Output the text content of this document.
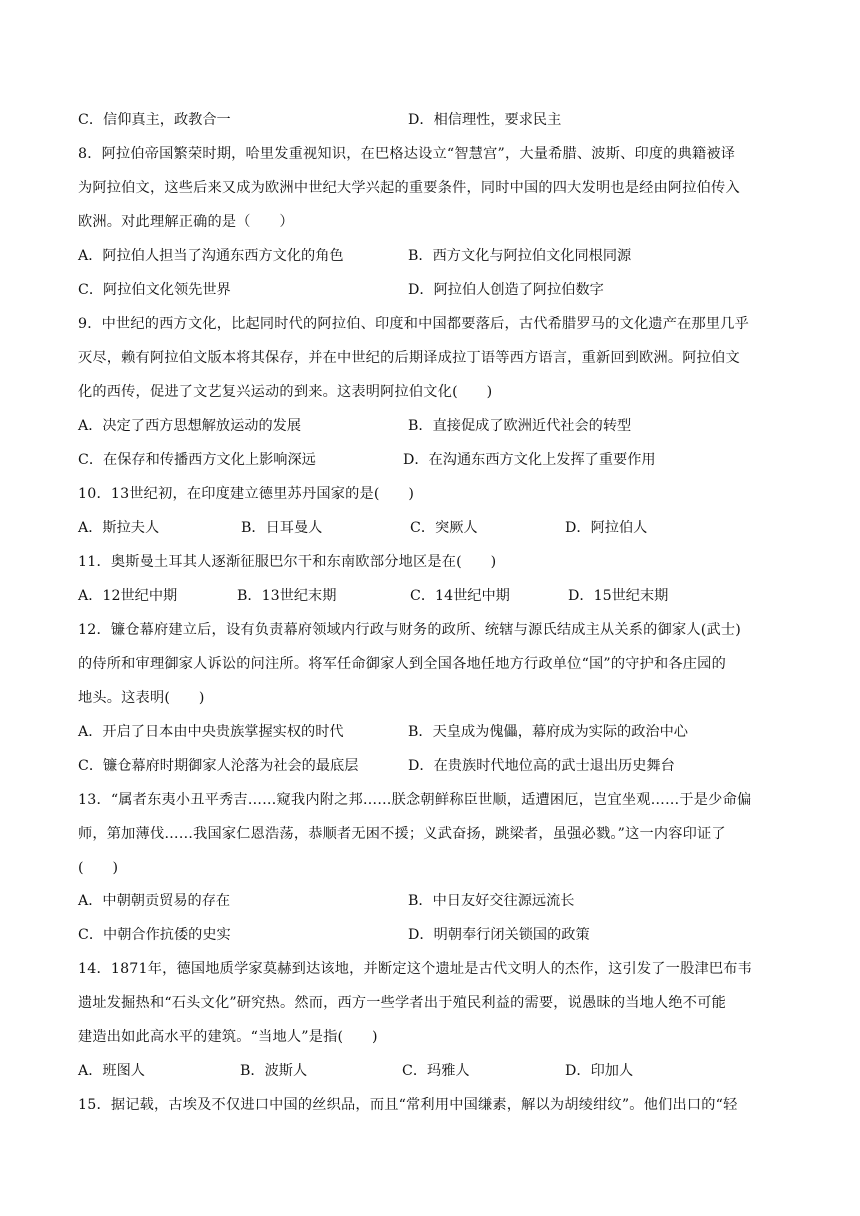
C．信仰真主，政教合一	D．相信理性，要求民主
8．阿拉伯帝国繁荣时期，哈里发重视知识，在巴格达设立“智慧宫”，大量希腊、波斯、印度的典籍被译
为阿拉伯文，这些后来又成为欧洲中世纪大学兴起的重要条件，同时中国的四大发明也是经由阿拉伯传入
欧洲。对此理解正确的是（　　）
A．阿拉伯人担当了沟通东西方文化的角色	B．西方文化与阿拉伯文化同根同源
C．阿拉伯文化领先世界	D．阿拉伯人创造了阿拉伯数字
9．中世纪的西方文化，比起同时代的阿拉伯、印度和中国都要落后，古代希腊罗马的文化遗产在那里几乎
灭尽，赖有阿拉伯文版本将其保存，并在中世纪的后期译成拉丁语等西方语言，重新回到欧洲。阿拉伯文
化的西传，促进了文艺复兴运动的到来。这表明阿拉伯文化(　　)
A．决定了西方思想解放运动的发展	B．直接促成了欧洲近代社会的转型
C．在保存和传播西方文化上影响深远	D．在沟通东西方文化上发挥了重要作用
10．13世纪初，在印度建立德里苏丹国家的是(　　)
A．斯拉夫人	B．日耳曼人	C．突厥人	D．阿拉伯人
11．奥斯曼土耳其人逐渐征服巴尔干和东南欧部分地区是在(　　)
A．12世纪中期	B．13世纪末期	C．14世纪中期	D．15世纪末期
12．镰仓幕府建立后，设有负责幕府领域内行政与财务的政所、统辖与源氏结成主从关系的御家人(武士)
的侍所和审理御家人诉讼的问注所。将军任命御家人到全国各地任地方行政单位“国”的守护和各庄园的
地头。这表明(　　)
A．开启了日本由中央贵族掌握实权的时代	B．天皇成为傀儡，幕府成为实际的政治中心
C．镰仓幕府时期御家人沦落为社会的最底层	D．在贵族时代地位高的武士退出历史舞台
13．“属者东夷小丑平秀吉……窥我内附之邦……朕念朝鲜称臣世顺，适遭困厄，岂宜坐观……于是少命偏
师，第加薄伐……我国家仁恩浩荡，恭顺者无困不援；义武奋扬，跳梁者，虽强必戮。”这一内容印证了
(　　)
A．中朝朝贡贸易的存在	B．中日友好交往源远流长
C．中朝合作抗倭的史实	D．明朝奉行闭关锁国的政策
14．1871年，德国地质学家莫赫到达该地，并断定这个遗址是古代文明人的杰作，这引发了一股津巴布韦
遗址发掘热和“石头文化”研究热。然而，西方一些学者出于殖民利益的需要，说愚昧的当地人绝不可能
建造出如此高水平的建筑。“当地人”是指(　　)
A．班图人	B．波斯人	C．玛雅人	D．印加人
15．据记载，古埃及不仅进口中国的丝织品，而且“常利用中国缣素，解以为胡绫绀纹”。他们出口的“轻
